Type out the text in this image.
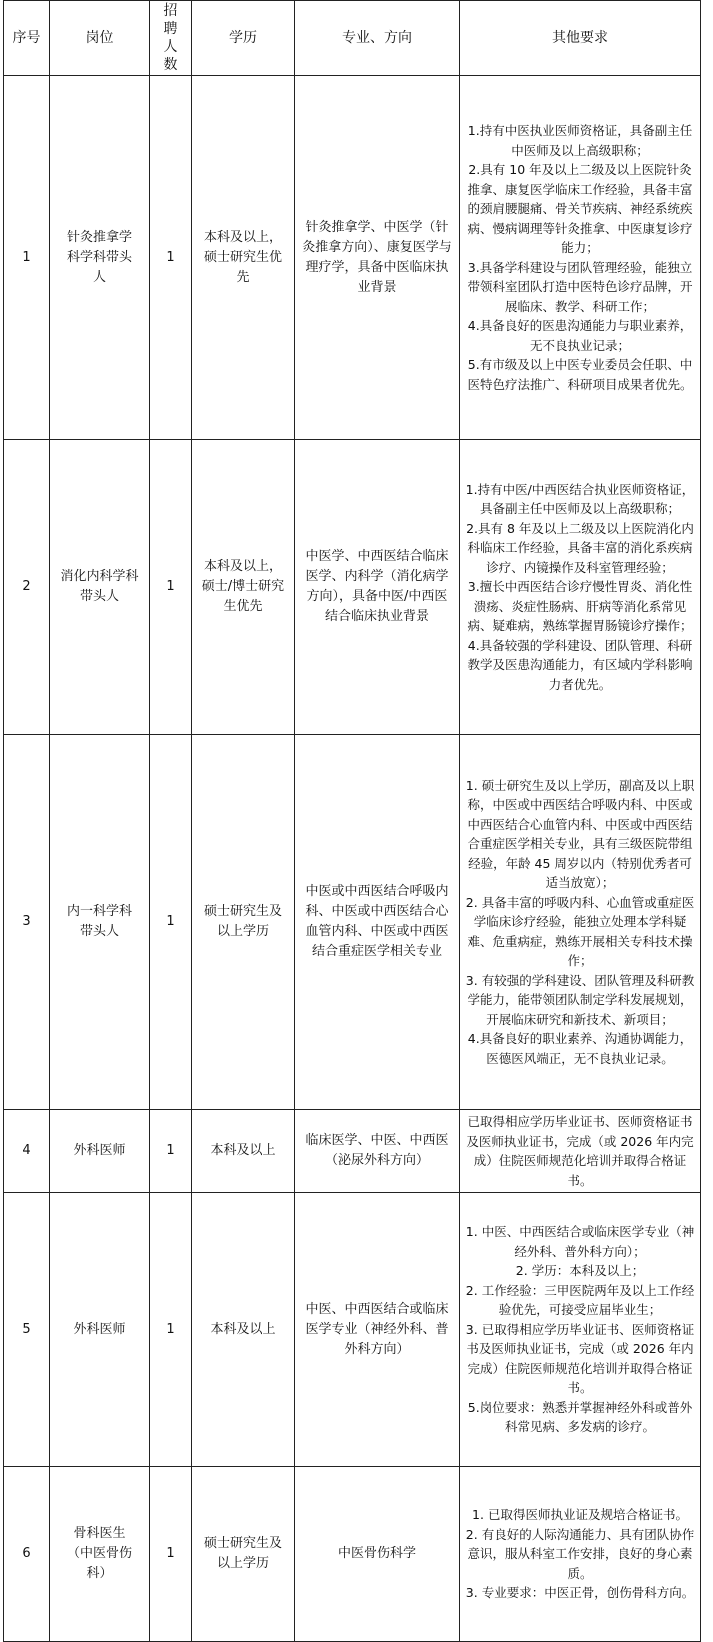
序号	岗位	招聘人数	学历	专业、方向	其他要求
1	针灸推拿学科学科带头人	1	本科及以上，硕士研究生优先	针灸推拿学、中医学（针灸推拿方向）、康复医学与理疗学，具备中医临床执业背景	1.持有中医执业医师资格证，具备副主任中医师及以上高级职称；
2.具有 10 年及以上二级及以上医院针灸推拿、康复医学临床工作经验，具备丰富的颈肩腰腿痛、骨关节疾病、神经系统疾病、慢病调理等针灸推拿、中医康复诊疗能力；
3.具备学科建设与团队管理经验，能独立带领科室团队打造中医特色诊疗品牌，开展临床、教学、科研工作；
4.具备良好的医患沟通能力与职业素养，无不良执业记录；
5.有市级及以上中医专业委员会任职、中医特色疗法推广、科研项目成果者优先。

2	消化内科学科带头人	1	本科及以上，硕士/博士研究生优先	中医学、中西医结合临床医学、内科学（消化病学方向），具备中医/中西医结合临床执业背景	1.持有中医/中西医结合执业医师资格证，具备副主任中医师及以上高级职称；
2.具有 8 年及以上二级及以上医院消化内科临床工作经验，具备丰富的消化系疾病诊疗、内镜操作及科室管理经验；
3.擅长中西医结合诊疗慢性胃炎、消化性溃疡、炎症性肠病、肝病等消化系常见病、疑难病，熟练掌握胃肠镜诊疗操作；
4.具备较强的学科建设、团队管理、科研教学及医患沟通能力，有区域内学科影响力者优先。

3	内一科学科带头人	1	硕士研究生及以上学历	中医或中西医结合呼吸内科、中医或中西医结合心血管内科、中医或中西医结合重症医学相关专业	1. 硕士研究生及以上学历，副高及以上职称，中医或中西医结合呼吸内科、中医或中西医结合心血管内科、中医或中西医结合重症医学相关专业，具有三级医院带组经验，年龄 45 周岁以内（特别优秀者可适当放宽）；
2. 具备丰富的呼吸内科、心血管或重症医学临床诊疗经验，能独立处理本学科疑难、危重病症，熟练开展相关专科技术操作；
3. 有较强的学科建设、团队管理及科研教学能力，能带领团队制定学科发展规划，开展临床研究和新技术、新项目；
4.具备良好的职业素养、沟通协调能力，医德医风端正，无不良执业记录。

4	外科医师	1	本科及以上	临床医学、中医、中西医（泌尿外科方向）	已取得相应学历毕业证书、医师资格证书及医师执业证书，完成（或 2026 年内完成）住院医师规范化培训并取得合格证书。

5	外科医师	1	本科及以上	中医、中西医结合或临床医学专业（神经外科、普外科方向）	1. 中医、中西医结合或临床医学专业（神经外科、普外科方向）；
2. 学历：本科及以上；
2. 工作经验：三甲医院两年及以上工作经验优先，可接受应届毕业生；
3. 已取得相应学历毕业证书、医师资格证书及医师执业证书，完成（或 2026 年内完成）住院医师规范化培训并取得合格证书。
5.岗位要求：熟悉并掌握神经外科或普外科常见病、多发病的诊疗。

6	骨科医生（中医骨伤科）	1	硕士研究生及以上学历	中医骨伤科学	1. 已取得医师执业证及规培合格证书。
2. 有良好的人际沟通能力、具有团队协作意识，服从科室工作安排，良好的身心素质。
3. 专业要求：中医正骨，创伤骨科方向。
